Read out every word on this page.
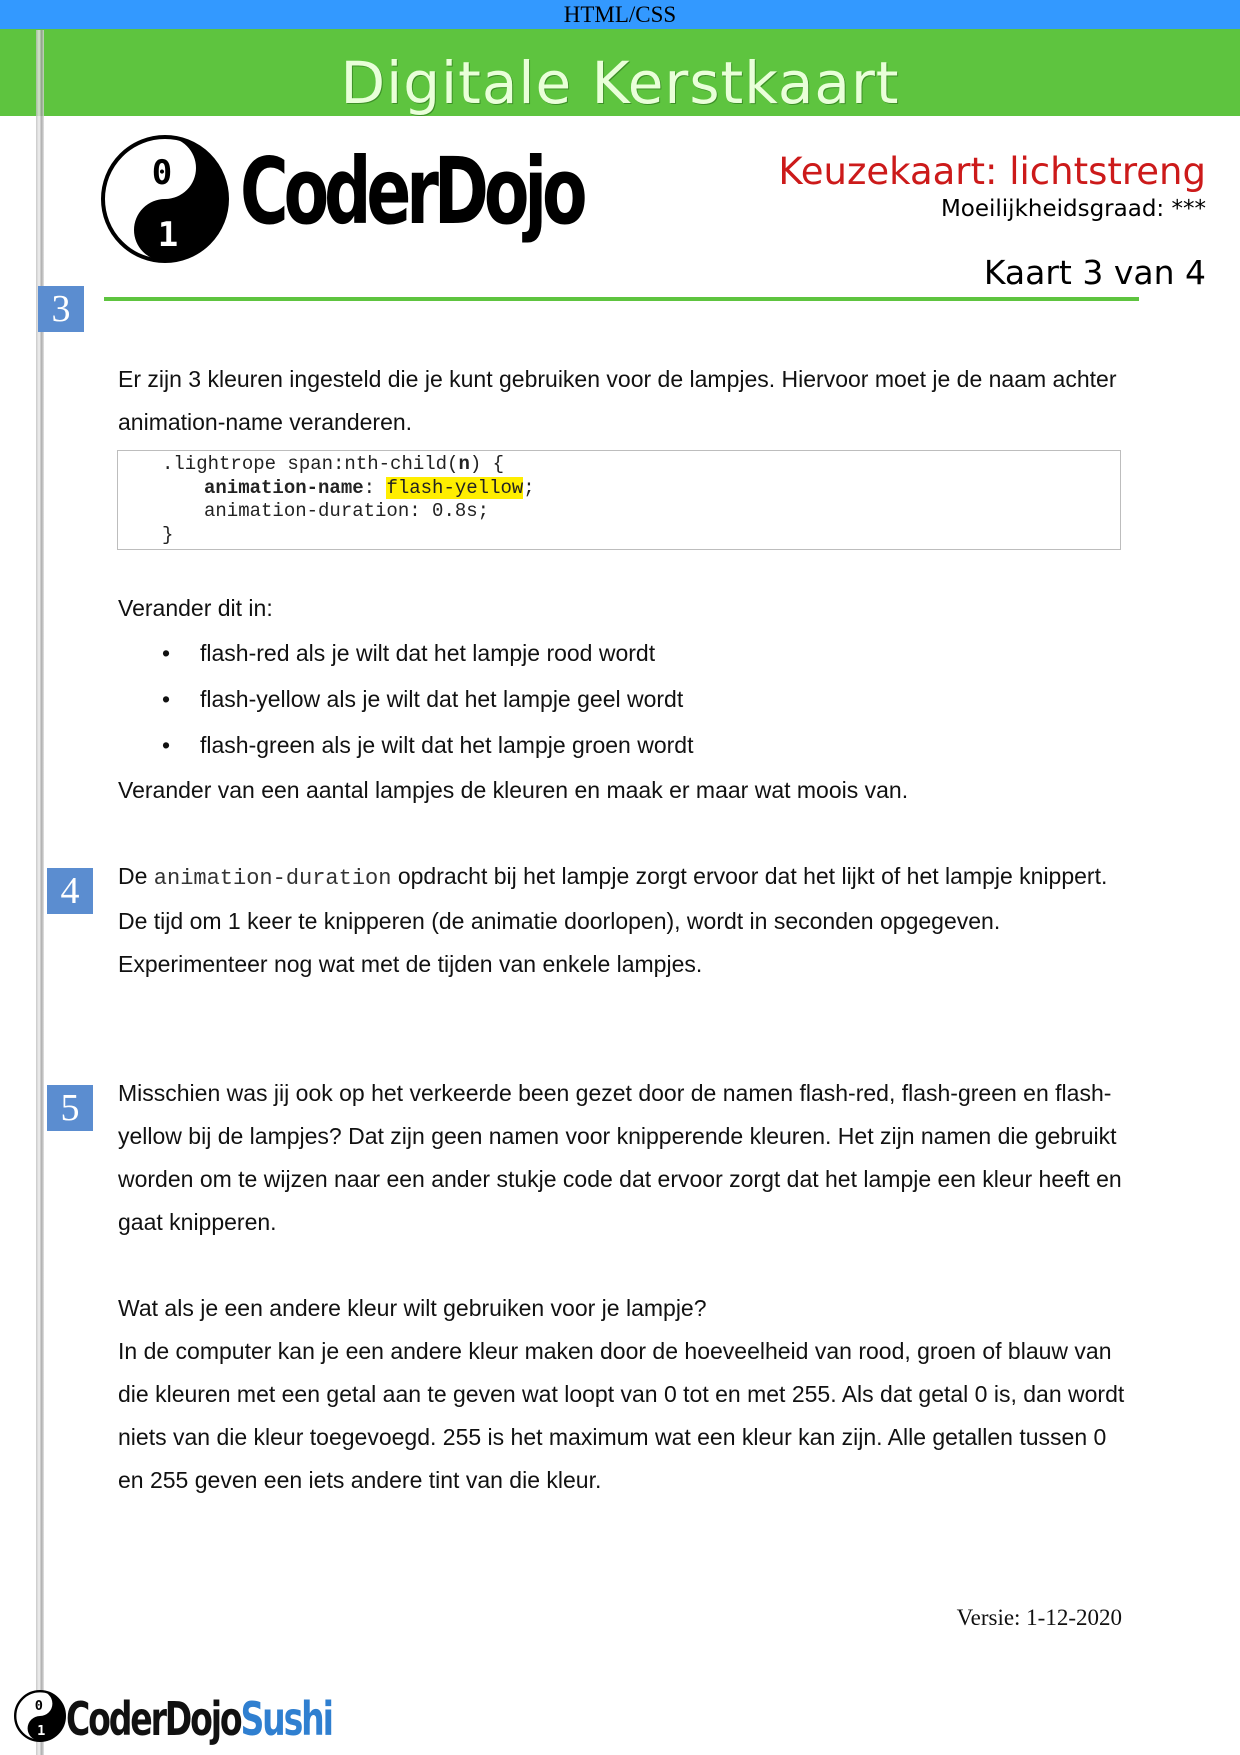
HTML/CSS
Digitale Kerstkaart
0
1 CoderDojo	Keuzekaart: lichtstreng
Moeilijkheidsgraad: ***
Kaart 3 van 4
3

Er zijn 3 kleuren ingesteld die je kunt gebruiken voor de lampjes. Hiervoor moet je de naam achter animation-name veranderen.

.lightrope span:nth-child(n) {
animation-name: flash-yellow;
animation-duration: 0.8s;
}
Verander dit in:
• flash-red als je wilt dat het lampje rood wordt
• flash-yellow als je wilt dat het lampje geel wordt
• flash-green als je wilt dat het lampje groen wordt
Verander van een aantal lampjes de kleuren en maak er maar wat moois van.
4	De animation-duration opdracht bij het lampje zorgt ervoor dat het lijkt of het lampje knippert. De tijd om 1 keer te knipperen (de animatie doorlopen), wordt in seconden opgegeven.

Experimenteer nog wat met de tijden van enkele lampjes.

5	Misschien was jij ook op het verkeerde been gezet door de namen flash-red, flash-green en flash-yellow bij de lampjes? Dat zijn geen namen voor knipperende kleuren. Het zijn namen die gebruikt worden om te wijzen naar een ander stukje code dat ervoor zorgt dat het lampje een kleur heeft en gaat knipperen.

Wat als je een andere kleur wilt gebruiken voor je lampje?

In de computer kan je een andere kleur maken door de hoeveelheid van rood, groen of blauw van die kleuren met een getal aan te geven wat loopt van 0 tot en met 255. Als dat getal 0 is, dan wordt niets van die kleur toegevoegd. 255 is het maximum wat een kleur kan zijn. Alle getallen tussen 0 en 255 geven een iets andere tint van die kleur.

Versie: 1-12-2020
0
1 CoderDojoSushi
